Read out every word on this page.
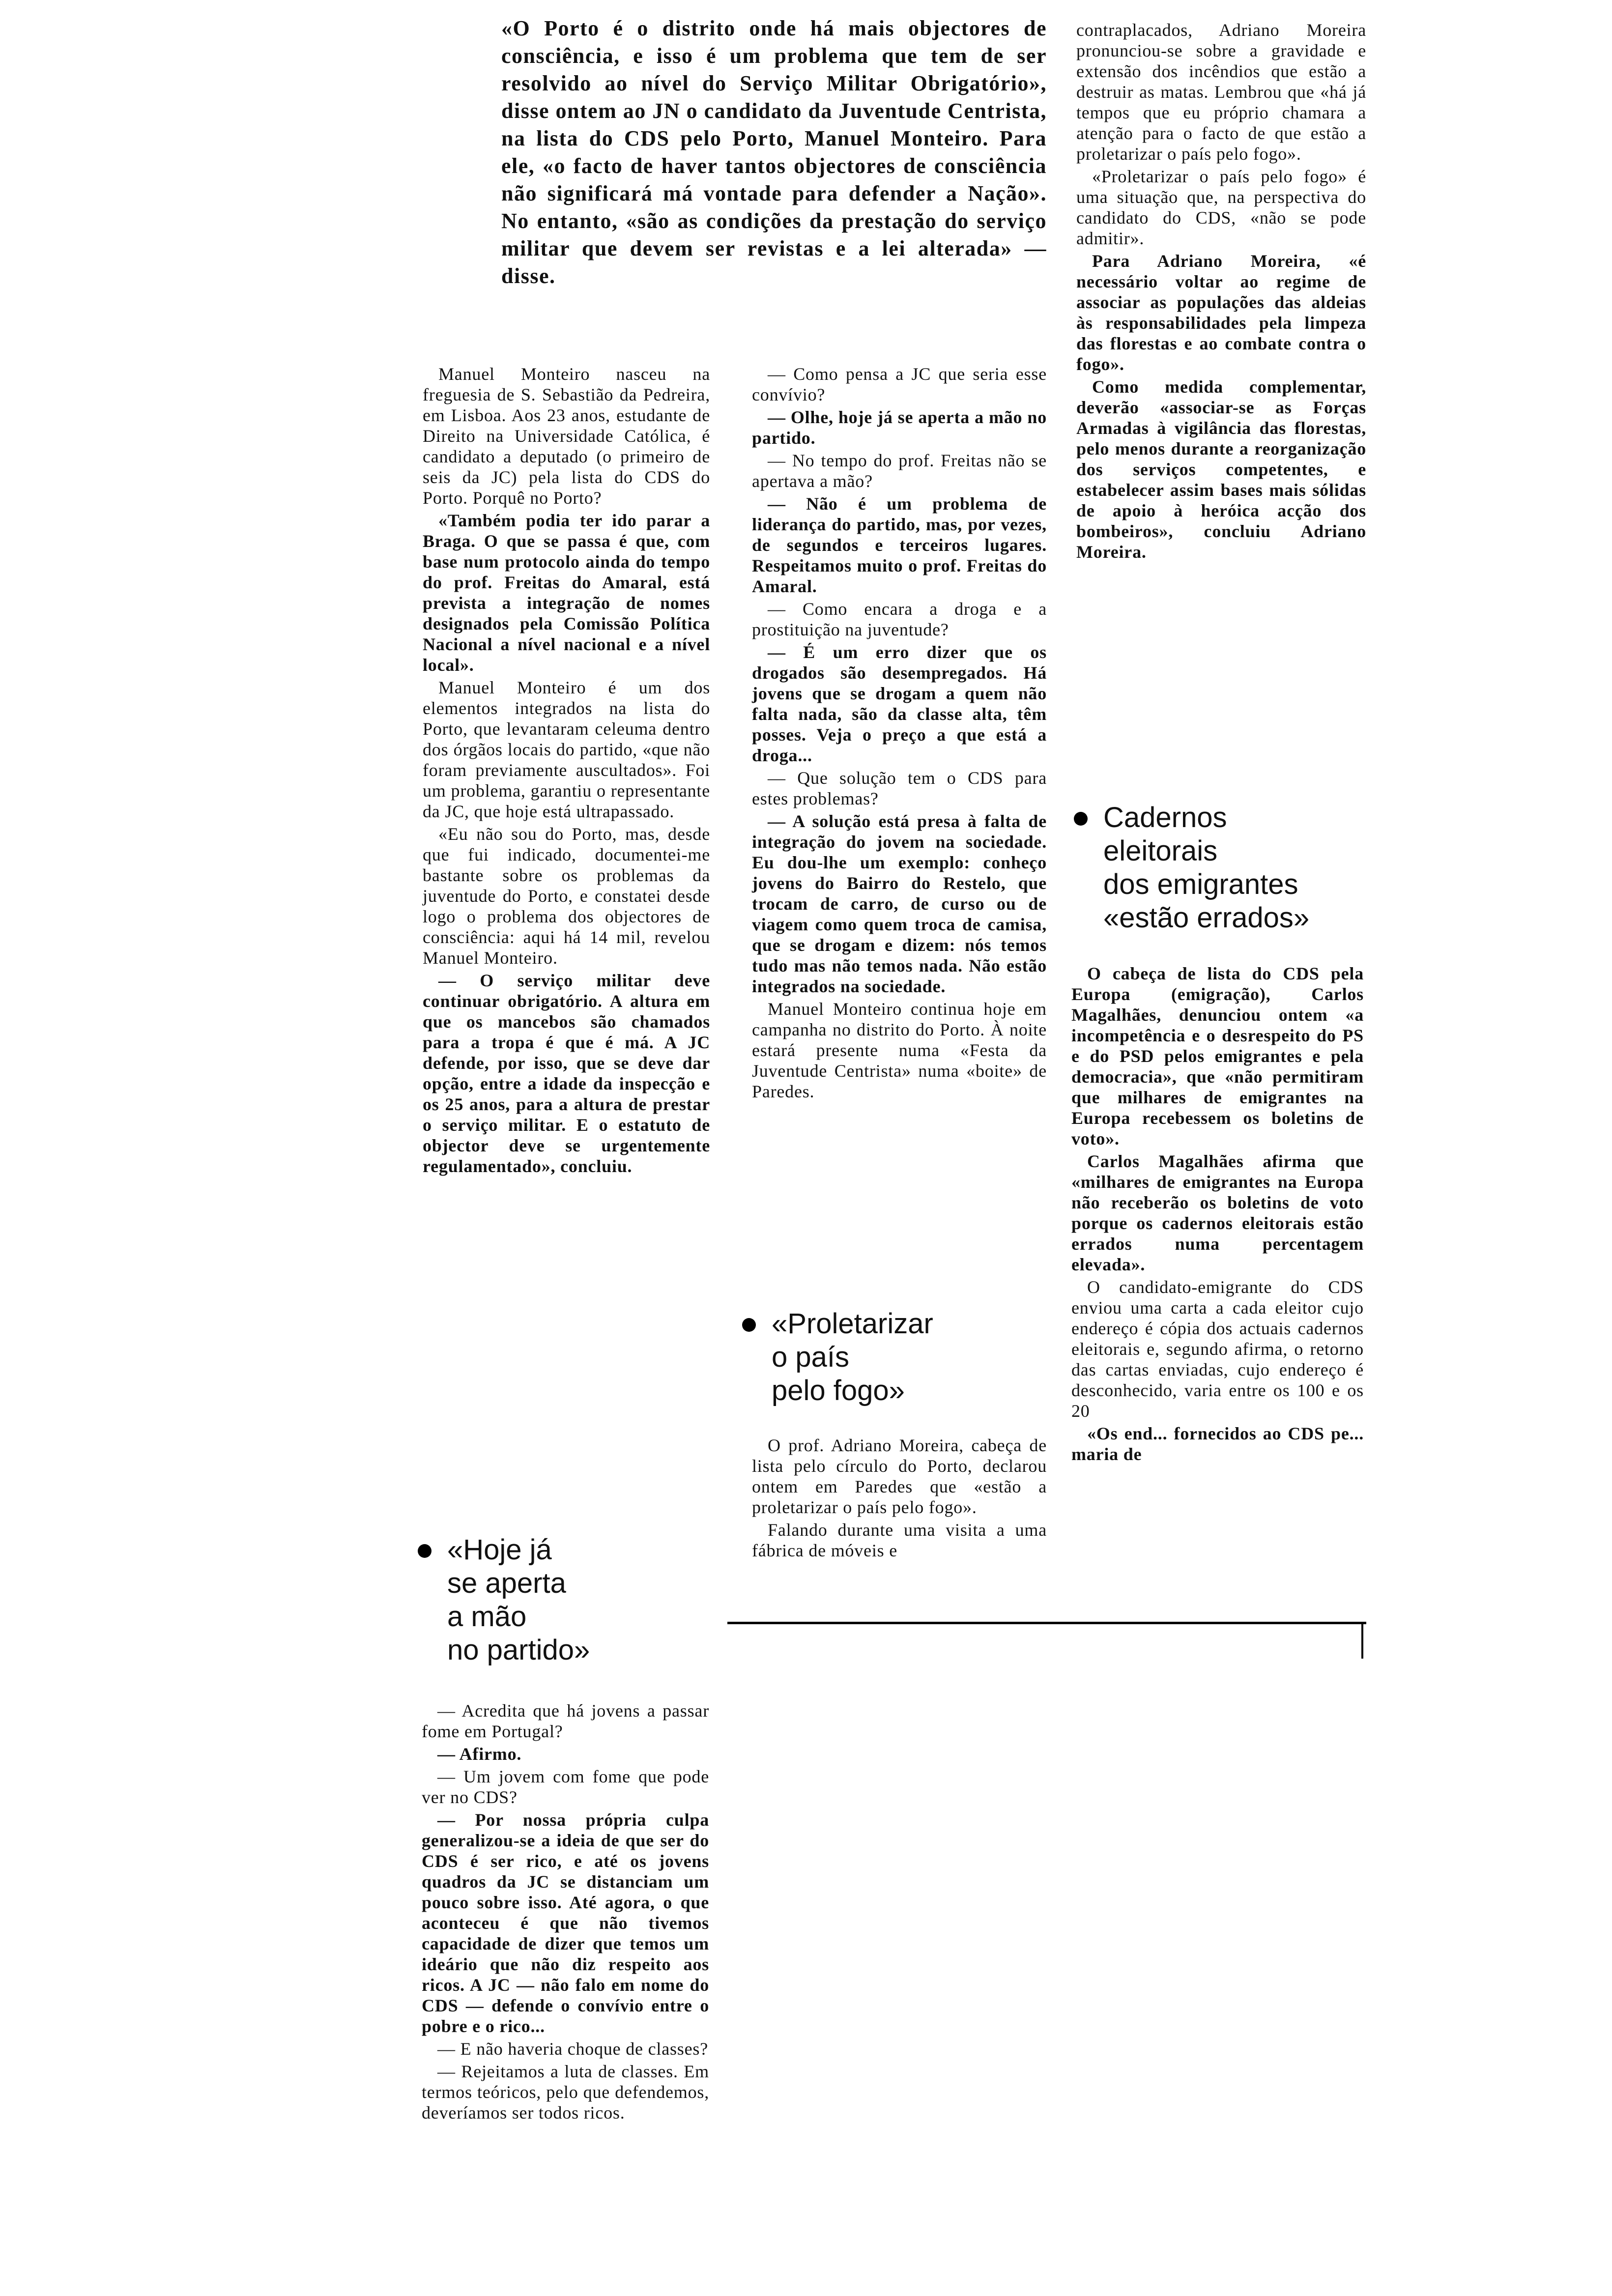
«O Porto é o distrito onde há mais objectores de consciência, e isso é um problema que tem de ser resolvido ao nível do Serviço Militar Obrigatório», disse ontem ao JN o candidato da Juventude Centrista, na lista do CDS pelo Porto, Manuel Monteiro. Para ele, «o facto de haver tantos objectores de consciência não significará má vontade para defender a Nação». No entanto, «são as condições da prestação do serviço militar que devem ser revistas e a lei alterada» — disse.

Manuel Monteiro nasceu na freguesia de S. Sebastião da Pedreira, em Lisboa. Aos 23 anos, estudante de Direito na Universidade Católica, é candidato a deputado (o primeiro de seis da JC) pela lista do CDS do Porto. Porquê no Porto?

«Também podia ter ido parar a Braga. O que se passa é que, com base num protocolo ainda do tempo do prof. Freitas do Amaral, está prevista a integração de nomes designados pela Comissão Política Nacional a nível nacional e a nível local».

Manuel Monteiro é um dos elementos integrados na lista do Porto, que levantaram celeuma dentro dos órgãos locais do partido, «que não foram previamente auscultados». Foi um problema, garantiu o representante da JC, que hoje está ultrapassado.

«Eu não sou do Porto, mas, desde que fui indicado, documentei-me bastante sobre os problemas da juventude do Porto, e constatei desde logo o problema dos objectores de consciência: aqui há 14 mil, revelou Manuel Monteiro.

— O serviço militar deve continuar obrigatório. A altura em que os mancebos são chamados para a tropa é que é má. A JC defende, por isso, que se deve dar opção, entre a idade da inspecção e os 25 anos, para a altura de prestar o serviço militar. E o estatuto de objector deve se urgentemente regulamentado», concluiu.

«Hoje já
se aperta
a mão
no partido»

— Acredita que há jovens a passar fome em Portugal?

— Afirmo.

— Um jovem com fome que pode ver no CDS?

— Por nossa própria culpa generalizou-se a ideia de que ser do CDS é ser rico, e até os jovens quadros da JC se distanciam um pouco sobre isso. Até agora, o que aconteceu é que não tivemos capacidade de dizer que temos um ideário que não diz respeito aos ricos. A JC — não falo em nome do CDS — defende o convívio entre o pobre e o rico...

— E não haveria choque de classes?

— Rejeitamos a luta de classes. Em termos teóricos, pelo que defendemos, deveríamos ser todos ricos.

— Como pensa a JC que seria esse convívio?

— Olhe, hoje já se aperta a mão no partido.

— No tempo do prof. Freitas não se apertava a mão?

— Não é um problema de liderança do partido, mas, por vezes, de segundos e terceiros lugares. Respeitamos muito o prof. Freitas do Amaral.

— Como encara a droga e a prostituição na juventude?

— É um erro dizer que os drogados são desempregados. Há jovens que se drogam a quem não falta nada, são da classe alta, têm posses. Veja o preço a que está a droga...

— Que solução tem o CDS para estes problemas?

— A solução está presa à falta de integração do jovem na sociedade. Eu dou-lhe um exemplo: conheço jovens do Bairro do Restelo, que trocam de carro, de curso ou de viagem como quem troca de camisa, que se drogam e dizem: nós temos tudo mas não temos nada. Não estão integrados na sociedade.

Manuel Monteiro continua hoje em campanha no distrito do Porto. À noite estará presente numa «Festa da Juventude Centrista» numa «boite» de Paredes.

«Proletarizar
o país
pelo fogo»

O prof. Adriano Moreira, cabeça de lista pelo círculo do Porto, declarou ontem em Paredes que «estão a proletarizar o país pelo fogo».

Falando durante uma visita a uma fábrica de móveis e

contraplacados, Adriano Moreira pronunciou-se sobre a gravidade e extensão dos incêndios que estão a destruir as matas. Lembrou que «há já tempos que eu próprio chamara a atenção para o facto de que estão a proletarizar o país pelo fogo».

«Proletarizar o país pelo fogo» é uma situação que, na perspectiva do candidato do CDS, «não se pode admitir».

Para Adriano Moreira, «é necessário voltar ao regime de associar as populações das aldeias às responsabilidades pela limpeza das florestas e ao combate contra o fogo».

Como medida complementar, deverão «associar-se as Forças Armadas à vigilância das florestas, pelo menos durante a reorganização dos serviços competentes, e estabelecer assim bases mais sólidas de apoio à heróica acção dos bombeiros», concluiu Adriano Moreira.

Cadernos
eleitorais
dos emigrantes
«estão errados»

O cabeça de lista do CDS pela Europa (emigração), Carlos Magalhães, denunciou ontem «a incompetência e o desrespeito do PS e do PSD pelos emigrantes e pela democracia», que «não permitiram que milhares de emigrantes na Europa recebessem os boletins de voto».

Carlos Magalhães afirma que «milhares de emigrantes na Europa não receberão os boletins de voto porque os cadernos eleitorais estão errados numa percentagem elevada».

O candidato-emigrante do CDS enviou uma carta a cada eleitor cujo endereço é cópia dos actuais cadernos eleitorais e, segundo afirma, o retorno das cartas enviadas, cujo endereço é desconhecido, varia entre os 100 e os 20

«Os end... fornecidos ao CDS pe... maria de
